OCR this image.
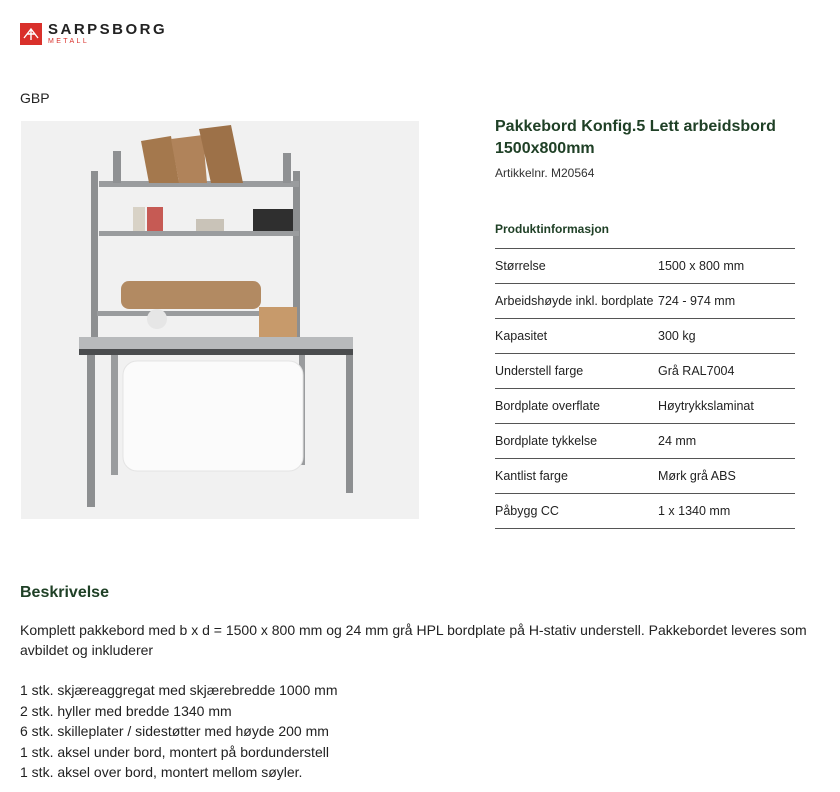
SARPSBORG
METALL
GBP
Pakkebord Konfig.5 Lett arbeidsbord 1500x800mm
Artikkelnr. M20564
Produktinformasjon
Størrelse	1500 x 800 mm
Arbeidshøyde inkl. bordplate	724 - 974 mm
Kapasitet	300 kg
Understell farge	Grå RAL7004
Bordplate overflate	Høytrykkslaminat
Bordplate tykkelse	24 mm
Kantlist farge	Mørk grå ABS
Påbygg CC	1 x 1340 mm
Beskrivelse
Komplett pakkebord med b x d = 1500 x 800 mm og 24 mm grå HPL bordplate på H-stativ understell. Pakkebordet leveres som avbildet og inkluderer
1 stk. skjæreaggregat med skjærebredde 1000 mm
2 stk. hyller med bredde 1340 mm
6 stk. skilleplater / sidestøtter med høyde 200 mm
1 stk. aksel under bord, montert på bordunderstell
1 stk. aksel over bord, montert mellom søyler.
